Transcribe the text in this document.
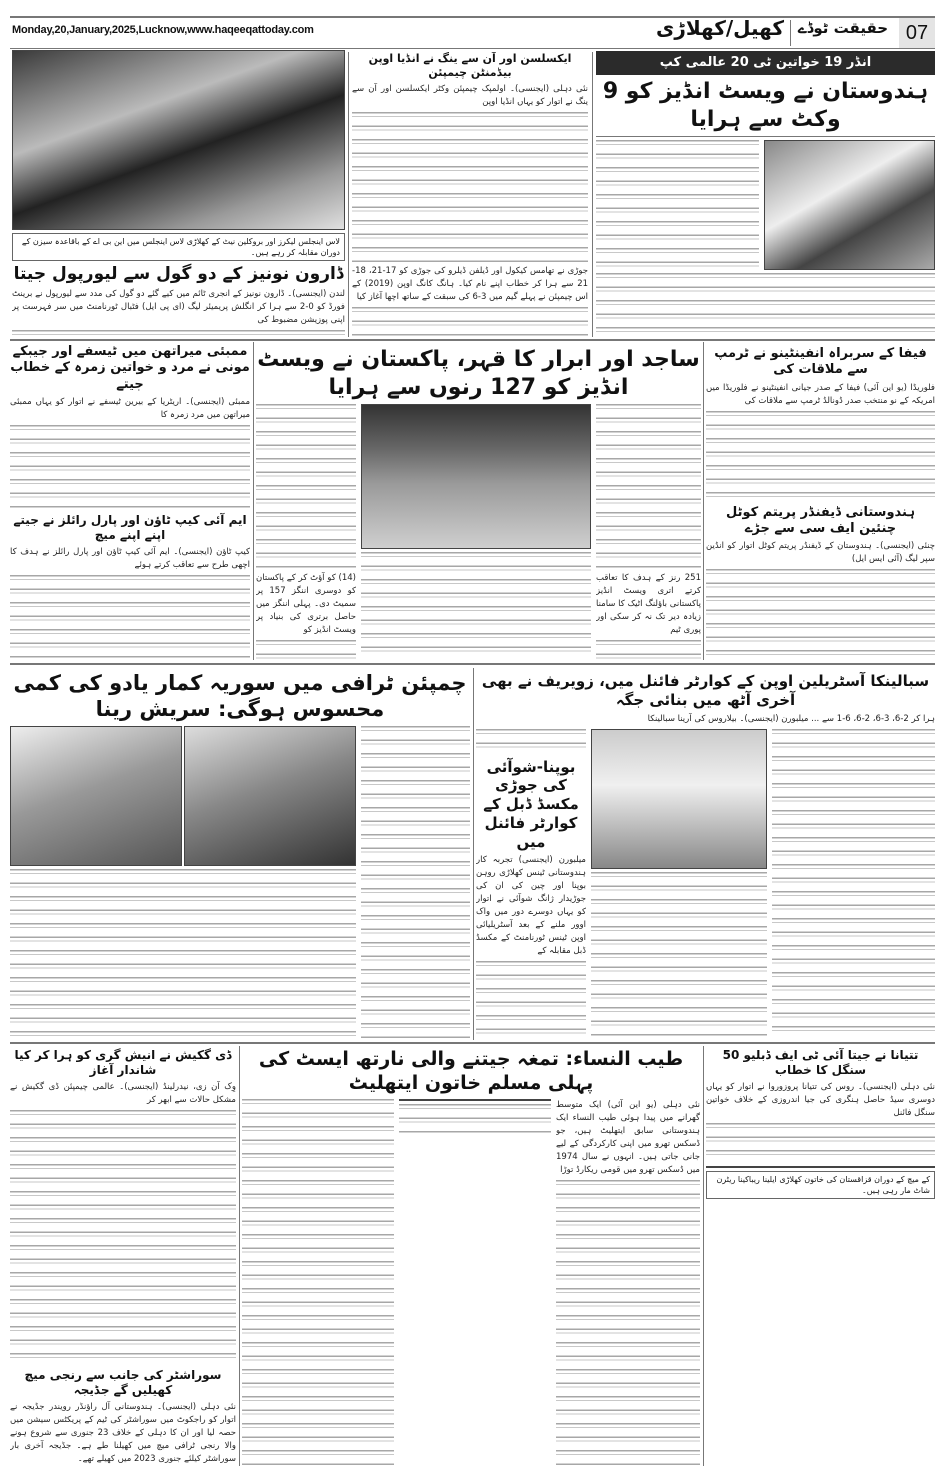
Monday,20,January,2025,Lucknow,www.haqeeqattoday.com	07
حقیقت ٹوڈے
کھیل/کھلاڑی
لاس اینجلس لیکرز اور بروکلین نیٹ کے کھلاڑی لاس اینجلس میں این بی اے کے باقاعدہ سیزن کے دوران مقابلہ کر رہے ہیں۔
ڈارون نونیز کے دو گول سے لیورپول جیتا
لندن (ایجنسی)۔ ڈارون نونیز کے انجری ٹائم میں کیے گئے دو گول کی مدد سے لیورپول نے برینٹ فورڈ کو 0-2 سے ہرا کر انگلش پریمیئر لیگ (ای پی ایل) فٹبال ٹورنامنٹ میں سر فہرست پر اپنی پوزیشن مضبوط کی
ایکسلسن اور آن سے ینگ نے انڈیا اوپن بیڈمنٹن چیمپئن
نئی دہلی (ایجنسی)۔ اولمپک چیمپئن وکٹر ایکسلسن اور آن سے ینگ نے اتوار کو یہاں انڈیا اوپن
جوڑی نے تھامس کیکول اور ڈیلفن ڈیلرو کی جوڑی کو 17-21، 18-21 سے ہرا کر خطاب اپنے نام کیا۔ ہانگ کانگ اوپن (2019) کے اس چیمپئن نے پہلے گیم میں 3-6 کی سبقت کے ساتھ اچھا آغاز کیا
انڈر 19 خواتین ٹی 20 عالمی کپ
ہندوستان نے ویسٹ انڈیز کو 9 وکٹ سے ہرایا
ممبئی میراتھن میں ٹیسفے اور جیبکے مونی نے مرد و خواتین زمرہ کے خطاب جیتے
ممبئی (ایجنسی)۔ اریٹریا کے بیرین ٹیسفے نے اتوار کو یہاں ممبئی میراتھن میں مرد زمرہ کا
ایم آئی کیپ ٹاؤن اور پارل رائلز نے جیتے اپنے اپنے میچ
کیپ ٹاؤن (ایجنسی)۔ ایم آئی کیپ ٹاؤن اور پارل رائلز نے ہدف کا اچھی طرح سے تعاقب کرتے ہوئے
ساجد اور ابرار کا قہر، پاکستان نے ویسٹ انڈیز کو 127 رنوں سے ہرایا
(14) کو آؤٹ کر کے پاکستان کو دوسری اننگز 157 پر سمیٹ دی۔ پہلی اننگز میں حاصل برتری کی بنیاد پر ویسٹ انڈیز کو
251 رنز کے ہدف کا تعاقب کرتے اتری ویسٹ انڈیز پاکستانی باؤلنگ اٹیک کا سامنا زیادہ دیر تک نہ کر سکی اور پوری ٹیم
فیفا کے سربراہ انفینٹینو نے ٹرمپ سے ملاقات کی
فلوریڈا (یو این آئی) فیفا کے صدر جیانی انفینٹینو نے فلوریڈا میں امریکہ کے نو منتخب صدر ڈونالڈ ٹرمپ سے ملاقات کی
ہندوستانی ڈیفنڈر پریتم کوٹل چنئین ایف سی سے جڑے
چنئی (ایجنسی)۔ ہندوستان کے ڈیفنڈر پریتم کوٹل اتوار کو انڈین سپر لیگ (آئی ایس ایل)
چمپئن ٹرافی میں سوریہ کمار یادو کی کمی محسوس ہوگی: سریش رینا
سبالینکا آسٹریلین اوپن کے کوارٹر فائنل میں، زویریف نے بھی آخری آٹھ میں بنائی جگہ
ہرا کر 2-6، 3-6، 2-6، 6-1 سے ... میلبورن (ایجنسی)۔ بیلاروس کی آرینا سبالینکا
بوپنا-شوآئی کی جوڑی مکسڈ ڈبل کے کوارٹر فائنل میں
میلبورن (ایجنسی) تجربہ کار ہندوستانی ٹینس کھلاڑی روہن بوپنا اور چین کی ان کی جوڑیدار ژانگ شوآئی نے اتوار کو یہاں دوسرے دور میں واک اوور ملنے کے بعد آسٹریلیائی اوپن ٹینس ٹورنامنٹ کے مکسڈ ڈبل مقابلہ کے
ڈی گکیش نے انیش گری کو ہرا کر کیا شاندار آغاز
وِک آن زی، نیدرلینڈ (ایجنسی)۔ عالمی چیمپئن ڈی گکیش نے مشکل حالات سے ابھر کر
سوراشٹر کی جانب سے رنجی میچ کھیلیں گے جڈیجہ
نئی دہلی (ایجنسی)۔ ہندوستانی آل راؤنڈر رویندر جڈیجہ نے اتوار کو راجکوٹ میں سوراشٹر کی ٹیم کے پریکٹس سیشن میں حصہ لیا اور ان کا دہلی کے خلاف 23 جنوری سے شروع ہونے والا رنجی ٹرافی میچ میں کھیلنا طے ہے۔ جڈیجہ آخری بار سوراشٹر کیلئے جنوری 2023 میں کھیلے تھے۔
طیب النساء: تمغہ جیتنے والی نارتھ ایسٹ کی پہلی مسلم خاتون ایتھلیٹ
نئی دہلی (یو این آئی) ایک متوسط گھرانے میں پیدا ہوئی طیب النساء ایک ہندوستانی سابق ایتھلیٹ ہیں، جو ڈسکس تھرو میں اپنی کارکردگی کے لیے جانی جاتی ہیں۔ انہوں نے سال 1974 میں ڈسکس تھرو میں قومی ریکارڈ توڑا
تتیانا نے جیتا آئی ٹی ایف ڈبلیو 50 سنگل کا خطاب
نئی دہلی (ایجنسی)۔ روس کی تتیانا پروزوروا نے اتوار کو یہاں دوسری سیڈ حاصل ہنگری کی جیا اندروزی کے خلاف خواتین سنگل فائنل
کے میچ کے دوران قزاقستان کی خاتون کھلاڑی ایلینا ریباکینا ریٹرن شاٹ مار رہی ہیں۔
